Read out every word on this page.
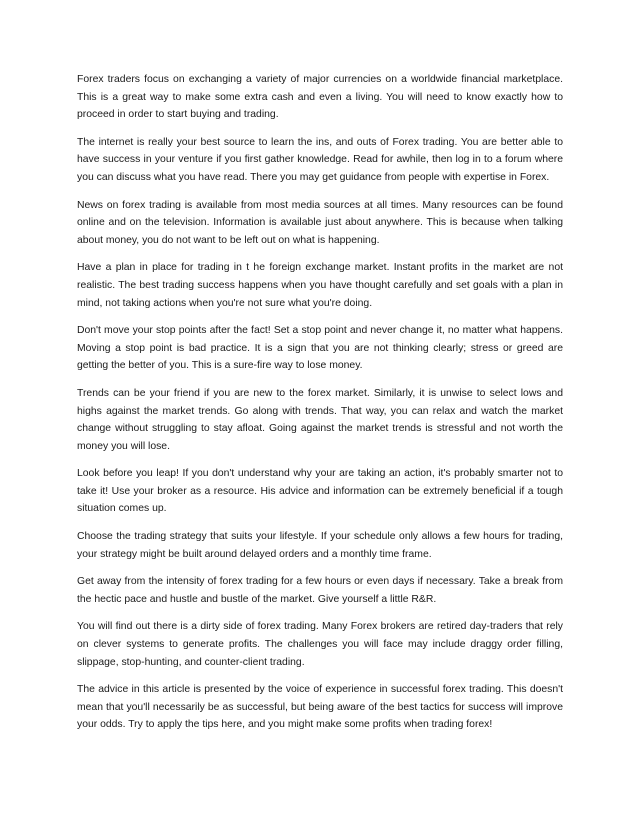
Forex traders focus on exchanging a variety of major currencies on a worldwide financial marketplace. This is a great way to make some extra cash and even a living. You will need to know exactly how to proceed in order to start buying and trading.

The internet is really your best source to learn the ins, and outs of Forex trading. You are better able to have success in your venture if you first gather knowledge. Read for awhile, then log in to a forum where you can discuss what you have read. There you may get guidance from people with expertise in Forex.

News on forex trading is available from most media sources at all times. Many resources can be found online and on the television. Information is available just about anywhere. This is because when talking about money, you do not want to be left out on what is happening.

Have a plan in place for trading in t he foreign exchange market. Instant profits in the market are not realistic. The best trading success happens when you have thought carefully and set goals with a plan in mind, not taking actions when you're not sure what you're doing.

Don't move your stop points after the fact! Set a stop point and never change it, no matter what happens. Moving a stop point is bad practice. It is a sign that you are not thinking clearly; stress or greed are getting the better of you. This is a sure-fire way to lose money.

Trends can be your friend if you are new to the forex market. Similarly, it is unwise to select lows and highs against the market trends. Go along with trends. That way, you can relax and watch the market change without struggling to stay afloat. Going against the market trends is stressful and not worth the money you will lose.

Look before you leap! If you don't understand why your are taking an action, it's probably smarter not to take it! Use your broker as a resource. His advice and information can be extremely beneficial if a tough situation comes up.

Choose the trading strategy that suits your lifestyle. If your schedule only allows a few hours for trading, your strategy might be built around delayed orders and a monthly time frame.

Get away from the intensity of forex trading for a few hours or even days if necessary. Take a break from the hectic pace and hustle and bustle of the market. Give yourself a little R&R.

You will find out there is a dirty side of forex trading. Many Forex brokers are retired day-traders that rely on clever systems to generate profits. The challenges you will face may include draggy order filling, slippage, stop-hunting, and counter-client trading.

The advice in this article is presented by the voice of experience in successful forex trading. This doesn't mean that you'll necessarily be as successful, but being aware of the best tactics for success will improve your odds. Try to apply the tips here, and you might make some profits when trading forex!
